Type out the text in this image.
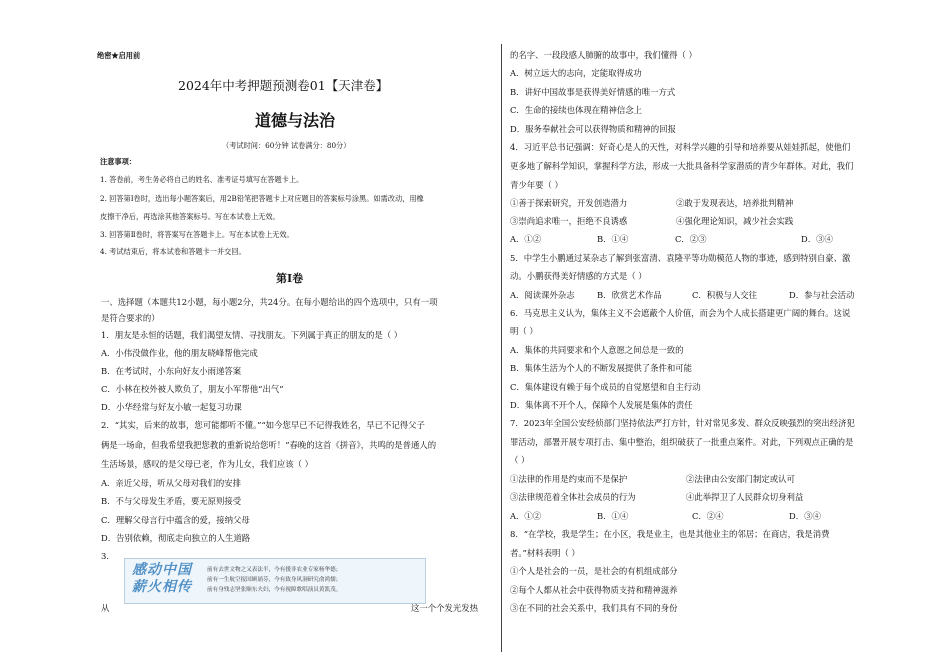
绝密★启用前
2024年中考押题预测卷01【天津卷】
道德与法治
（考试时间：60分钟 试卷满分：80分）
注意事项：
1. 答卷前，考生务必将自己的姓名、准考证号填写在答题卡上。
2. 回答第Ⅰ卷时，选出每小题答案后，用2B铅笔把答题卡上对应题目的答案标号涂黑。如需改动，用橡
皮擦干净后，再选涂其他答案标号。写在本试卷上无效。
3. 回答第Ⅱ卷时，将答案写在答题卡上。写在本试卷上无效。
4. 考试结束后，将本试卷和答题卡一并交回。
第Ⅰ卷
一、选择题（本题共12小题，每小题2分，共24分。在每小题给出的四个选项中，只有一项
是符合要求的）
1．朋友是永恒的话题，我们渴望友情、寻找朋友。下列属于真正的朋友的是（ ）
A．小伟没做作业，他的朋友晓峰帮他完成
B．在考试时，小东向好友小雨递答案
C．小林在校外被人欺负了，朋友小军帮他“出气”
D．小华经常与好友小敏一起复习功课
2．“其实，后来的故事，您可能都听不懂。”“如今您早已不记得我姓名，早已不记得父子
俩是一场命，但我希望我把您教的重新说给您听！”春晚的这首《拼音》，共鸣的是普通人的
生活场景，感叹的是父母已老，作为儿女，我们应该（ ）
A．亲近父母，听从父母对我们的安排
B．不与父母发生矛盾，要无原则接受
C．理解父母言行中蕴含的爱，接纳父母
D．告别依赖，彻底走向独立的人生道路
3．
感动中国
薪火相传
前有去世文物之又表法半，今有援非农业专家杨华德；
前有一生航空报国顾诵芬，今有致身风洞研究俞鸿儒；
前有身残志坚张顺东夫妇，今有视障歌唱演员黄凯茂。
从	这一个个发光发热
的名字、一段段感人肺腑的故事中，我们懂得（ ）
A．树立远大的志向，定能取得成功
B．讲好中国故事是获得美好情感的唯一方式
C．生命的接续也体现在精神信念上
D．服务奉献社会可以获得物质和精神的回报
4．习近平总书记强调：好奇心是人的天性，对科学兴趣的引导和培养要从娃娃抓起，使他们
更多地了解科学知识，掌握科学方法，形成一大批具备科学家潜质的青少年群体。对此，我们
青少年要（ ）
①善于探索研究，开发创造潜力	②敢于发现表达，培养批判精神
③崇尚追求唯一，拒绝不良诱惑	④强化理论知识，减少社会实践
A．①②	B．①④	C．②③	D．③④
5．中学生小鹏通过某杂志了解到张富清、袁隆平等功勋模范人物的事迹，感到特别自豪、激
动。小鹏获得美好情感的方式是（ ）
A．阅读课外杂志	B．欣赏艺术作品	C．积极与人交往	D．参与社会活动
6．马克思主义认为，集体主义不会遮蔽个人价值，而会为个人成长搭建更广阔的舞台。这说
明（ ）
A．集体的共同要求和个人意愿之间总是一致的
B．集体生活为个人的不断发展提供了条件和可能
C．集体建设有赖于每个成员的自觉愿望和自主行动
D．集体离不开个人，保障个人发展是集体的责任
7．2023年全国公安经侦部门坚持依法严打方针，针对常见多发、群众反映强烈的突出经济犯
罪活动，部署开展专项打击、集中整治，组织破获了一批重点案件。对此，下列观点正确的是
（ ）
①法律的作用是约束而不是保护	②法律由公安部门制定或认可
③法律规范着全体社会成员的行为	④此举捍卫了人民群众切身利益
A．①②	B．①④	C．②④	D．③④
8．“在学校，我是学生；在小区，我是业主，也是其他业主的邻居；在商店，我是消费
者。”材料表明（ ）
①个人是社会的一员，是社会的有机组成部分
②每个人都从社会中获得物质支持和精神滋养
③在不同的社会关系中，我们具有不同的身份
